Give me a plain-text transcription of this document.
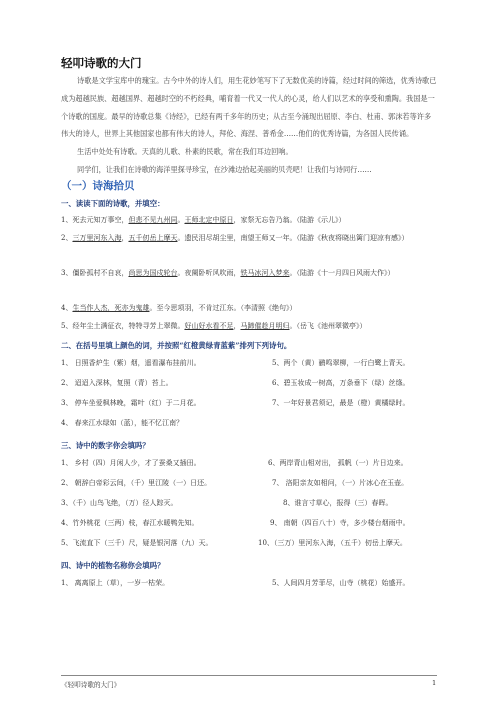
轻叩诗歌的大门

诗歌是文学宝库中的瑰宝。古今中外的诗人们，用生花妙笔写下了无数优美的诗篇，经过时间的筛选，优秀诗歌已成为超越民族、超越国界、超越时空的不朽经典，哺育着一代又一代人的心灵，给人们以艺术的享受和熏陶。我国是一个诗歌的国度。最早的诗歌总集《诗经》，已经有两千多年的历史；从古至今涌现出屈原、李白、杜甫、郭沫若等许多伟大的诗人，世界上其他国家也都有伟大的诗人，拜伦、海涅、普希金……他们的优秀诗篇，为各国人民传诵。

生活中处处有诗歌。天真的儿歌、朴素的民歌，常在我们耳边回响。

同学们，让我们在诗歌的海洋里探寻珍宝，在沙滩边拾起美丽的贝壳吧！让我们与诗同行……

（一）诗海拾贝

一、读读下面的诗歌，并填空：

1、死去元知万事空，但悲不见九州同。王师北定中原日，家祭无忘告乃翁。（陆游《示儿》）

2、三万里河东入海，五千仞岳上摩天。遗民泪尽胡尘里，南望王师又一年。（陆游《秋夜将晓出篱门迎凉有感》）

3、僵卧孤村不自哀，尚思为国戍轮台。夜阑卧听风吹雨，铁马冰河入梦来。（陆游《十一月四日风雨大作》）

4、生当作人杰，死亦为鬼雄。至今思项羽，不肯过江东。（李清照《绝句》）

5、经年尘土满征衣，特特寻芳上翠微。好山好水看不足，马蹄催趁月明归。（岳飞《池州翠微亭》）

二、在括号里填上颜色的词，并按照“红橙黄绿青蓝紫”排列下列诗句。

1、 日照香炉生（紫）烟，遥看瀑布挂前川。	5、两个（黄）鹂鸣翠柳，一行白鹭上青天。
2、 迢迢入深林，复照（青）苔上。	6、碧玉妆成一树高，万条垂下（绿）丝绦。
3、 停车坐爱枫林晚，霜叶（红）于二月花。	7、一年好景君须记，最是（橙）黄橘绿时。
4、 春来江水绿如（蓝），能不忆江南？

三、诗中的数字你会填吗？

1、 乡村（四）月闲人少，才了蚕桑又插田。	6、两岸青山相对出， 孤帆（一）片日边来。
2、 朝辞白帝彩云间，（千）里江陵（一）日还。	7、 洛阳亲友如相问，（一）片冰心在玉壶。
3、（千）山鸟飞绝，（万）径人踪灭。	8、谁言寸草心，报得（三）春晖。
4、竹外桃花（三两）枝，春江水暖鸭先知。	9、 南朝（四百八十）寺，多少楼台烟雨中。
5、飞流直下（三千）尺，疑是银河落（九）天。	10、（三万）里河东入海，（五千）仞岳上摩天。

四、诗中的植物名称你会填吗？

1、 离离原上（草），一岁一枯荣。	5、人间四月芳菲尽，山寺（桃花）始盛开。
《轻叩诗歌的大门》	1
